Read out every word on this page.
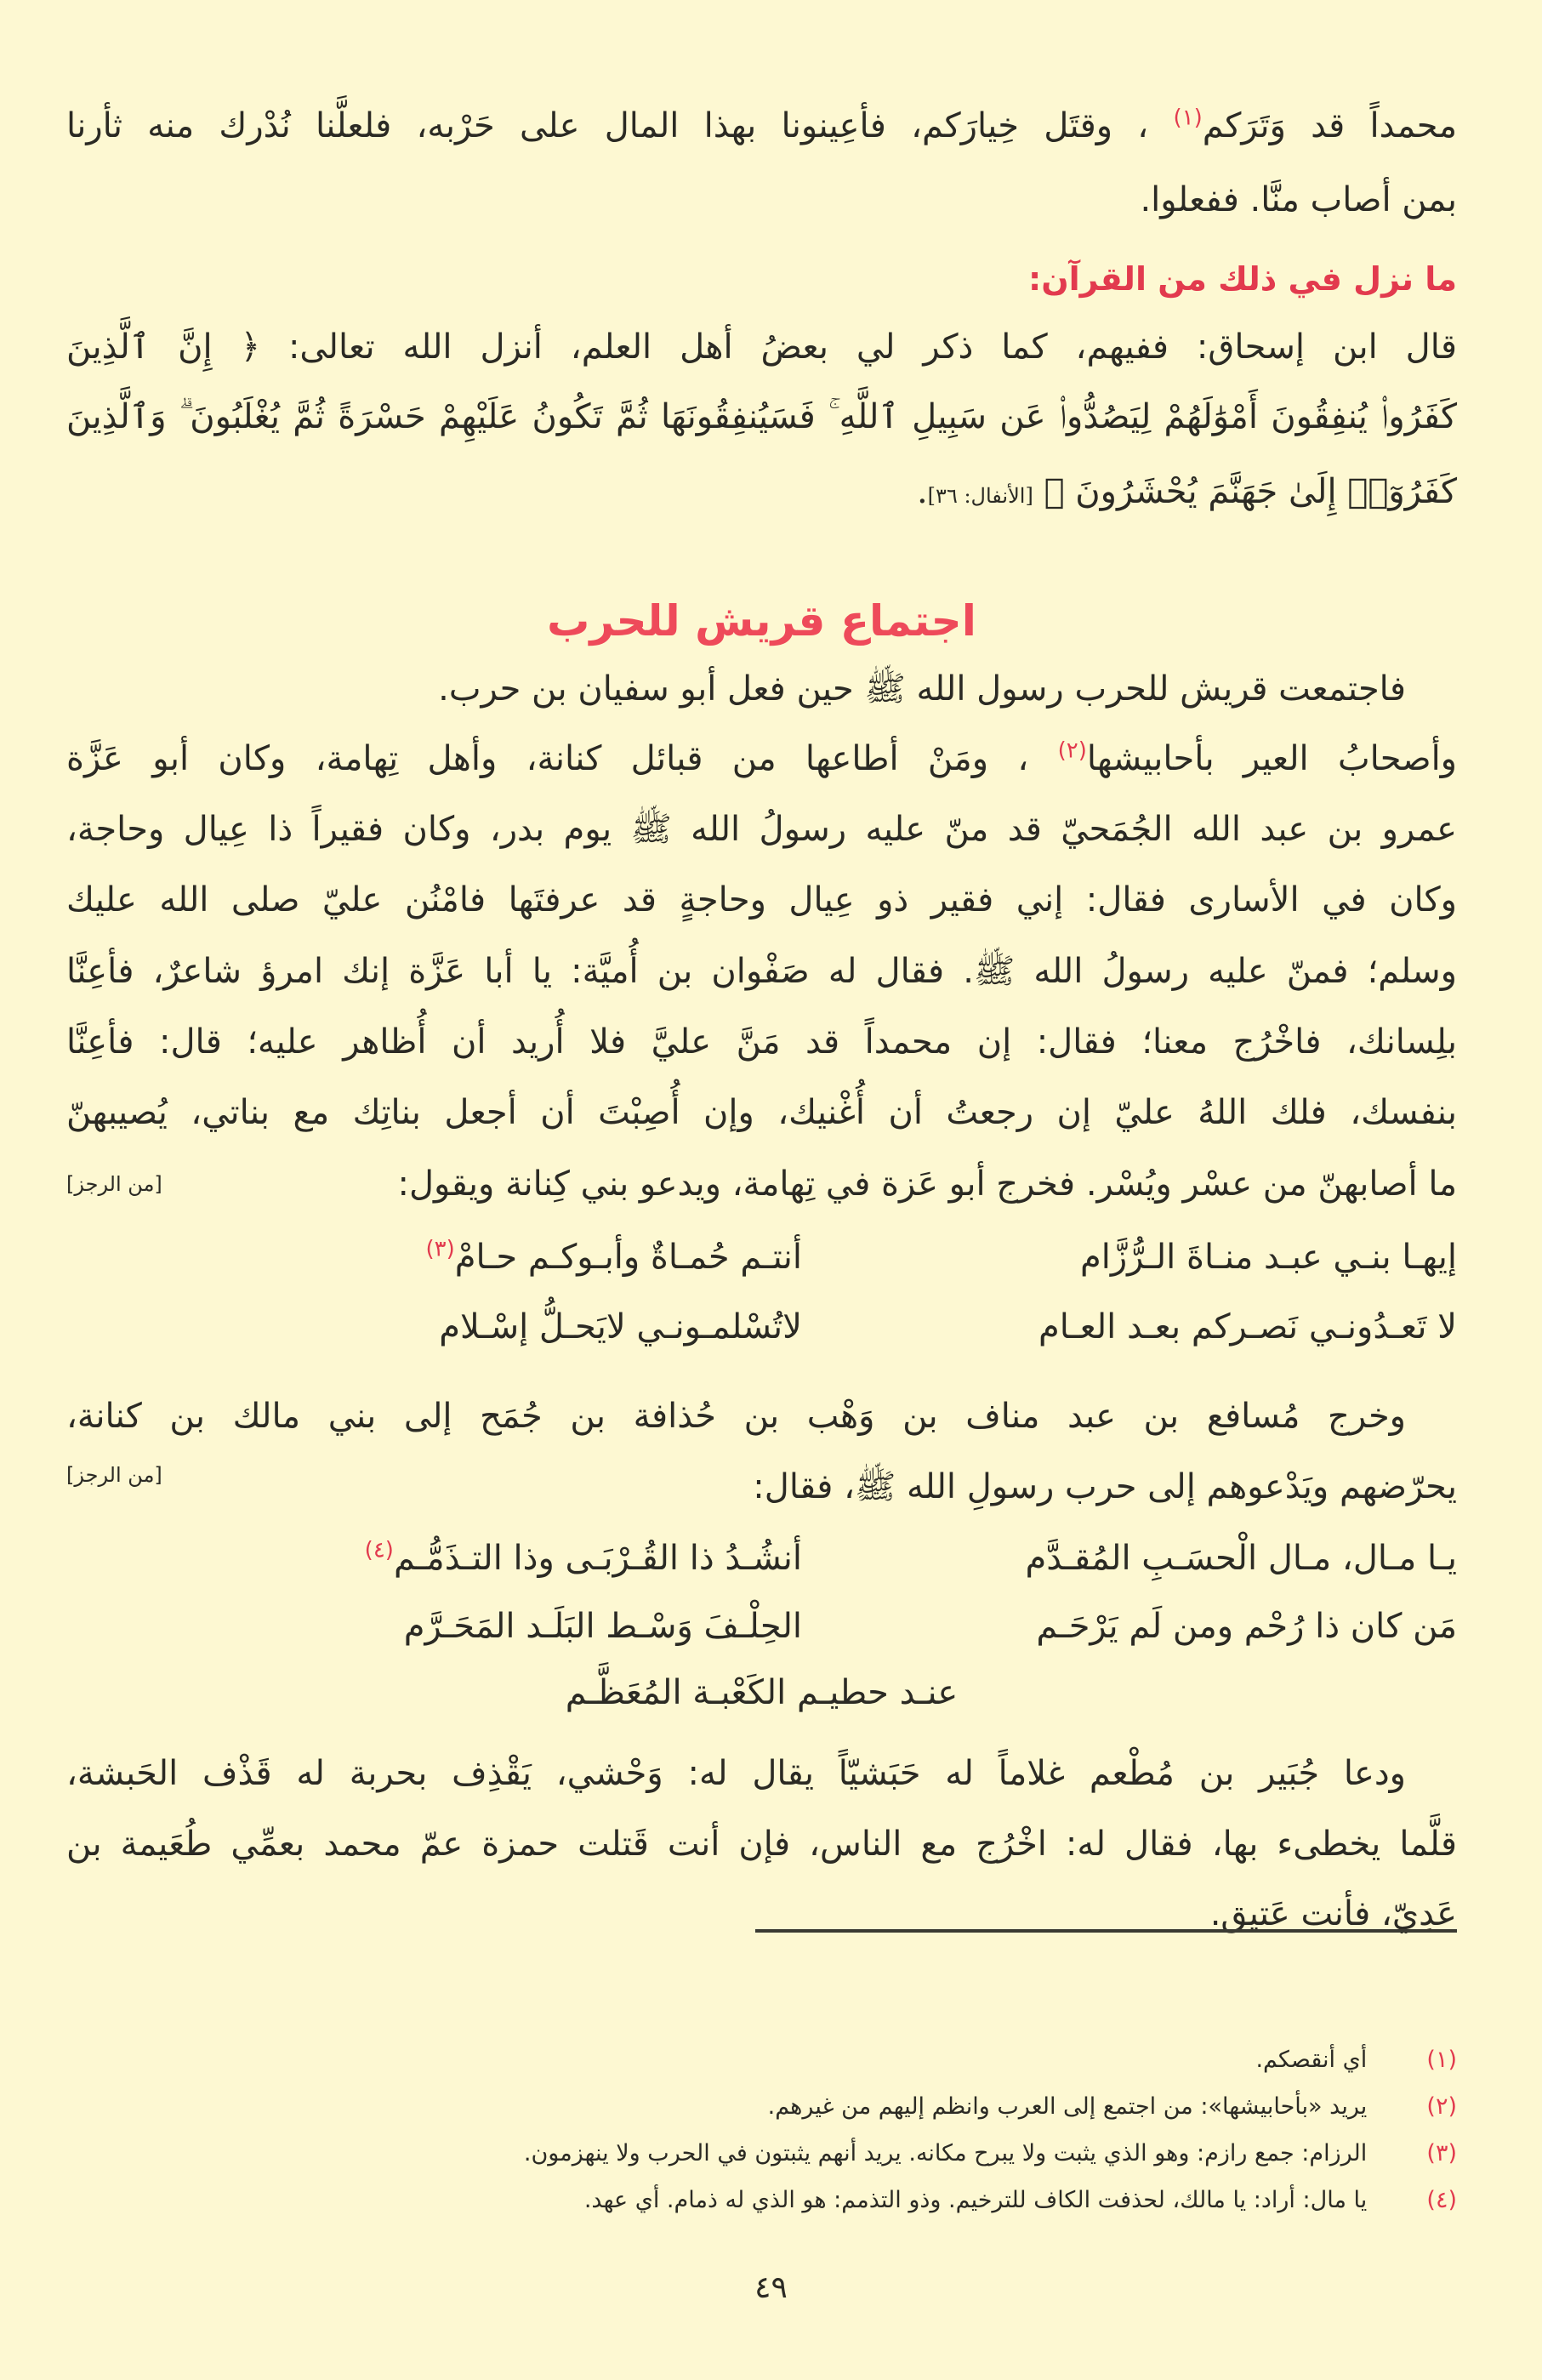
محمداً قد وَتَرَكم$^{(١)}$ ، وقتَل خِيارَكم، فأعِينونا بهذا المال على حَرْبه، فلعلَّنا نُدْرك منه ثأرنا
بمن أصاب منَّا. ففعلوا.
ما نزل في ذلك من القرآن:
قال ابن إسحاق: ففيهم، كما ذكر لي بعضُ أهل العلم، أنزل الله تعالى: ﴿ إِنَّ ٱلَّذِينَ
كَفَرُوا۟ يُنفِقُونَ أَمْوَٰلَهُمْ لِيَصُدُّوا۟ عَن سَبِيلِ ٱللَّهِ ۚ فَسَيُنفِقُونَهَا ثُمَّ تَكُونُ عَلَيْهِمْ حَسْرَةً ثُمَّ يُغْلَبُونَ ۗ وَٱلَّذِينَ
كَفَرُوٓا۟ إِلَىٰ جَهَنَّمَ يُحْشَرُونَ ﴾ [الأنفال: ٣٦].
اجتماع قريش للحرب
فاجتمعت قريش للحرب رسول الله ﷺ حين فعل أبو سفيان بن حرب.
وأصحابُ العير بأحابيشها$^{(٢)}$ ، ومَنْ أطاعها من قبائل كنانة، وأهل تِهامة، وكان أبو عَزَّة
عمرو بن عبد الله الجُمَحيّ قد منّ عليه رسولُ الله ﷺ يوم بدر، وكان فقيراً ذا عِيال وحاجة،
وكان في الأسارى فقال: إني فقير ذو عِيال وحاجةٍ قد عرفتَها فامْنُن عليّ صلى الله عليك
وسلم؛ فمنّ عليه رسولُ الله ﷺ. فقال له صَفْوان بن أُميَّة: يا أبا عَزَّة إنك امرؤ شاعرٌ، فأعِنَّا
بلِسانك، فاخْرُج معنا؛ فقال: إن محمداً قد مَنَّ عليَّ فلا أُريد أن أُظاهر عليه؛ قال: فأعِنَّا
بنفسك، فلك اللهُ عليّ إن رجعتُ أن أُغْنيك، وإن أُصِبْتَ أن أجعل بناتِك مع بناتي، يُصيبهنّ
ما أصابهنّ من عسْر ويُسْر. فخرج أبو عَزة في تِهامة، ويدعو بني كِنانة ويقول:
[من الرجز]
إيهـا بنـي عبـد منـاةَ الـرُّزَّام
أنتـم حُمـاةٌ وأبـوكـم حـامْ$^{(٣)}$
لا تَعـدُونـي نَصـركم بعـد العـام
لاتُسْلمـونـي لايَحـلُّ إسْـلام
وخرج مُسافع بن عبد مناف بن وَهْب بن حُذافة بن جُمَح إلى بني مالك بن كنانة،
يحرّضهم ويَدْعوهم إلى حرب رسولِ الله ﷺ، فقال:
[من الرجز]
يـا مـال، مـال الْحسَـبِ المُقـدَّم
أنشُـدُ ذا القُـرْبَـى وذا التـذَمُّـم$^{(٤)}$
مَن كان ذا رُحْم ومن لَم يَرْحَـم
الحِلْـفَ وَسْـط البَلَـد المَحَـرَّم
عنـد حطيـم الكَعْبـة المُعَظَّـم
ودعا جُبَير بن مُطْعم غلاماً له حَبَشيّاً يقال له: وَحْشي، يَقْذِف بحربة له قَذْف الحَبشة،
قلَّما يخطىء بها، فقال له: اخْرُج مع الناس، فإن أنت قَتلت حمزة عمّ محمد بعمِّي طُعَيمة بن
عَدِيّ، فأنت عَتيق.
(١)   أي أنقصكم.
(٢)   يريد «بأحابيشها»: من اجتمع إلى العرب وانظم إليهم من غيرهم.
(٣)   الرزام: جمع رازم: وهو الذي يثبت ولا يبرح مكانه. يريد أنهم يثبتون في الحرب ولا ينهزمون.
(٤)   يا مال: أراد: يا مالك، لحذفت الكاف للترخيم. وذو التذمم: هو الذي له ذمام. أي عهد.
٤٩
